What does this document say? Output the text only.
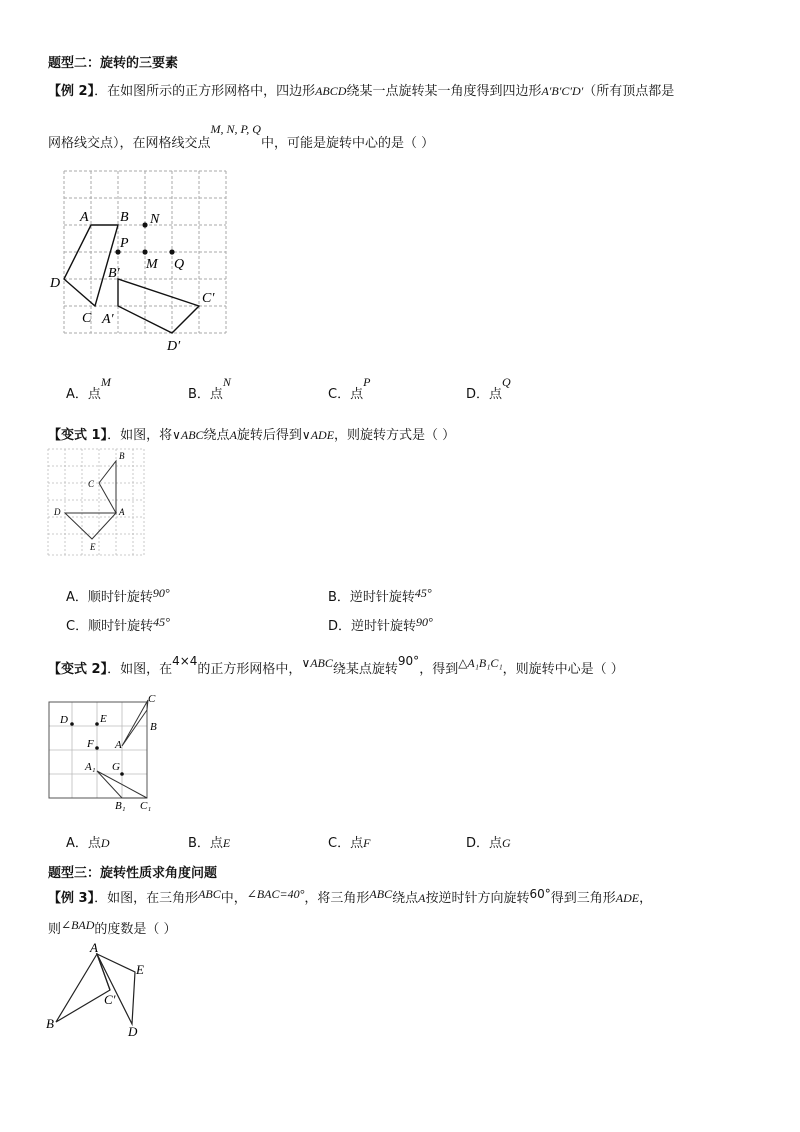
题型二：旋转的三要素
【例 2】．在如图所示的正方形网格中，四边形ABCD绕某一点旋转某一角度得到四边形A′B′C′D′（所有顶点都是
网格线交点），在网格线交点M, N, P, Q中，可能是旋转中心的是（ ）
A B
D
C
N
P
M Q
B′
A′
C′
D′
A．点M
B．点N
C．点P
D．点Q
【变式 1】．如图，将∨ABC绕点A旋转后得到∨ADE，则旋转方式是（ ）
B
C
D	A
E
A．顺时针旋转90°	B．逆时针旋转45°
C．顺时针旋转45°	D．逆时针旋转90°
【变式 2】．如图，在4×4的正方形网格中，∨ABC绕某点旋转90°，得到△A₁B₁C₁，则旋转中心是（ ）
C
B
A
D	E
F
G
A₁
B₁ C₁
A．点D	B．点E	C．点F	D．点G
题型三：旋转性质求角度问题
【例 3】．如图，在三角形ABC中，∠BAC=40°，将三角形ABC绕点A按逆时针方向旋转60°得到三角形ADE，
则∠BAD的度数是（ ）
A
E
C′
B
D
